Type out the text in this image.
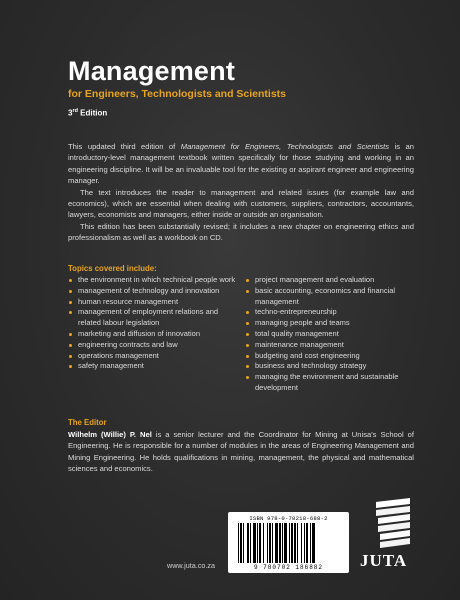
Management
for Engineers, Technologists and Scientists
3rd Edition

This updated third edition of Management for Engineers, Technologists and Scientists is an introductory-level management textbook written specifically for those studying and working in an engineering discipline. It will be an invaluable tool for the existing or aspirant engineer and engineering manager.

The text introduces the reader to management and related issues (for example law and economics), which are essential when dealing with customers, suppliers, contractors, accountants, lawyers, economists and managers, either inside or outside an organisation.

This edition has been substantially revised; it includes a new chapter on engineering ethics and professionalism as well as a workbook on CD.

Topics covered include:
the environment in which technical people work
management of technology and innovation
human resource management
management of employment relations and related labour legislation
marketing and diffusion of innovation
engineering contracts and law
operations management
safety management
project management and evaluation
basic accounting, economics and financial management
techno-entrepreneurship
managing people and teams
total quality management
maintenance management
budgeting and cost engineering
business and technology strategy
managing the environment and sustainable development
The Editor
Wilhelm (Willie) P. Nel is a senior lecturer and the Coordinator for Mining at Unisa's School of Engineering. He is responsible for a number of modules in the areas of Engineering Management and Mining Engineering. He holds qualifications in mining, management, the physical and mathematical sciences and economics.
www.juta.co.za
ISBN 978-0-70218-688-2
9 780702 186882	JUTA
